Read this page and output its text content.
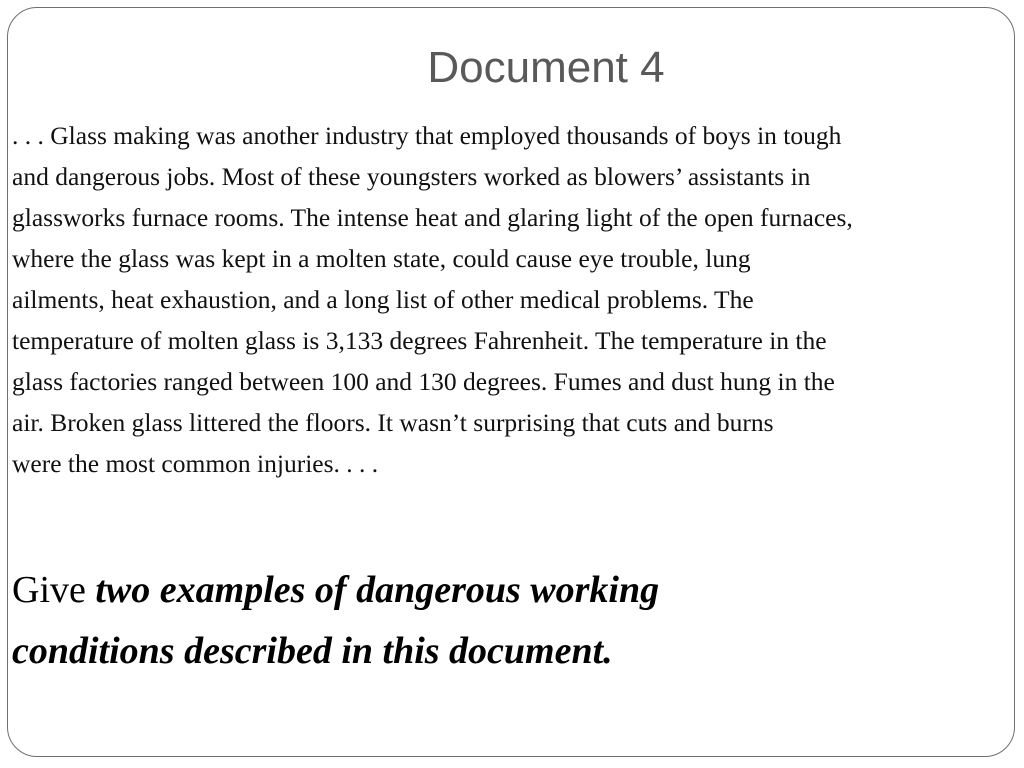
Document 4
. . . Glass making was another industry that employed thousands of boys in tough
and dangerous jobs. Most of these youngsters worked as blowers’ assistants in
glassworks furnace rooms. The intense heat and glaring light of the open furnaces,
where the glass was kept in a molten state, could cause eye trouble, lung
ailments, heat exhaustion, and a long list of other medical problems. The
temperature of molten glass is 3,133 degrees Fahrenheit. The temperature in the
glass factories ranged between 100 and 130 degrees. Fumes and dust hung in the
air. Broken glass littered the floors. It wasn’t surprising that cuts and burns
were the most common injuries. . . .
Give two examples of dangerous working
conditions described in this document.
